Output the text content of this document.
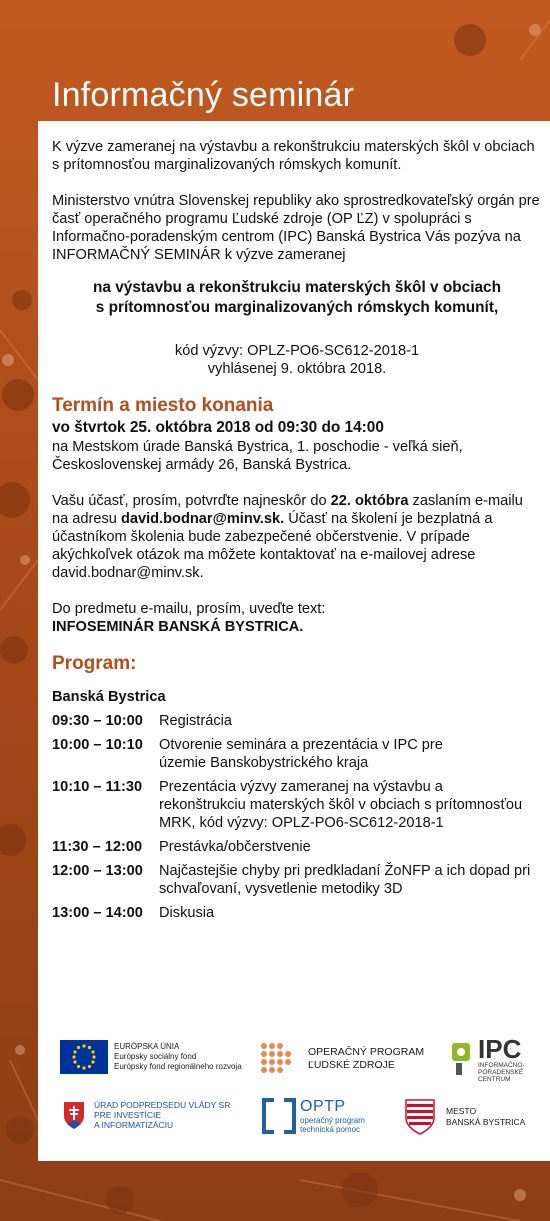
Informačný seminár

K výzve zameranej na výstavbu a rekonštrukciu materských škôl v obciach s prítomnosťou marginalizovaných rómskych komunít.

Ministerstvo vnútra Slovenskej republiky ako sprostredkovateľský orgán pre časť operačného programu Ľudské zdroje (OP ĽZ) v spolupráci s Informačno-poradenským centrom (IPC) Banská Bystrica Vás pozýva na INFORMAČNÝ SEMINÁR k výzve zameranej

na výstavbu a rekonštrukciu materských škôl v obciach

s prítomnosťou marginalizovaných rómskych komunít,

kód výzvy: OPLZ-PO6-SC612-2018-1

vyhlásenej 9. októbra 2018.

Termín a miesto konania

vo štvrtok 25. októbra 2018 od 09:30 do 14:00

na Mestskom úrade Banská Bystrica, 1. poschodie - veľká sieň,

Československej armády 26, Banská Bystrica.

Vašu účasť, prosím, potvrďte najneskôr do 22. októbra zaslaním e-mailu na adresu david.bodnar@minv.sk. Účasť na školení je bezplatná a účastníkom školenia bude zabezpečené občerstvenie. V prípade akýchkoľvek otázok ma môžete kontaktovať na e-mailovej adrese david.bodnar@minv.sk.

Do predmetu e-mailu, prosím, uveďte text:

INFOSEMINÁR BANSKÁ BYSTRICA.

Program:

Banská Bystrica

09:30 – 10:00	Registrácia
10:00 – 10:10	Otvorenie seminára a prezentácia v IPC pre územie Banskobystrického kraja
10:10 – 11:30	Prezentácia výzvy zameranej na výstavbu a rekonštrukciu materských škôl v obciach s prítomnosťou MRK, kód výzvy: OPLZ-PO6-SC612-2018-1
11:30 – 12:00	Prestávka/občerstvenie
12:00 – 13:00	Najčastejšie chyby pri predkladaní ŽoNFP a ich dopad pri schvaľovaní, vysvetlenie metodiky 3D
13:00 – 14:00	Diskusia
EURÓPSKA ÚNIA
Európsky sociálny fond
Európsky fond regionálneho rozvoja
OPERAČNÝ PROGRAM
ĽUDSKÉ ZDROJE
IPC
INFORMAČNO-
PORADENSKÉ
CENTRUM
ÚRAD PODPREDSEDU VLÁDY SR
PRE INVESTÍCIE
A INFORMATIZÁCIU
OPTP
operačný program
technická pomoc
MESTO
BANSKÁ BYSTRICA
